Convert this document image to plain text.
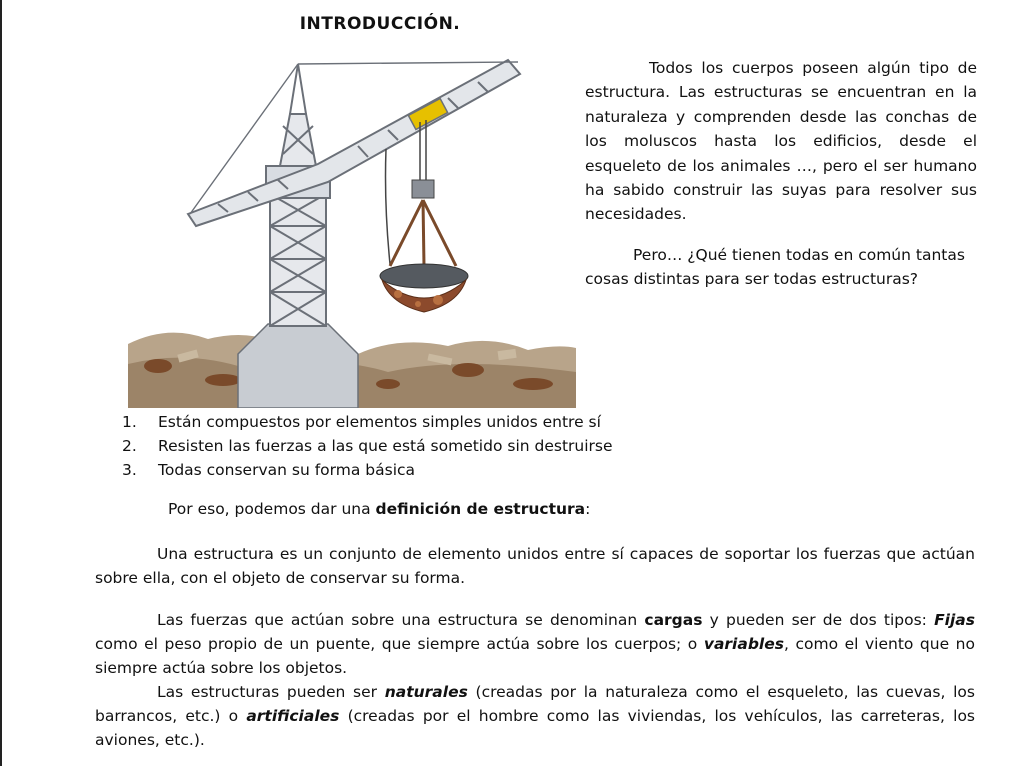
INTRODUCCIÓN.

Todos los cuerpos poseen algún tipo de estructura. Las estructuras se encuentran en la naturaleza y comprenden desde las conchas de los moluscos hasta los edificios, desde el esqueleto de los animales …, pero el ser humano ha sabido construir las suyas para resolver sus necesidades.

Pero… ¿Qué tienen todas en común tantas cosas distintas para ser todas estructuras?

1.	Están compuestos por elementos simples unidos entre sí
2.	Resisten las fuerzas a las que está sometido sin destruirse
3.	Todas conservan su forma básica
Por eso, podemos dar una definición de estructura:

Una estructura es un conjunto de elemento unidos entre sí capaces de soportar los fuerzas que actúan sobre ella, con el objeto de conservar su forma.

Las fuerzas que actúan sobre una estructura se denominan cargas y pueden ser de dos tipos: Fijas como el peso propio de un puente, que siempre actúa sobre los cuerpos; o variables, como el viento que no siempre actúa sobre los objetos.

Las estructuras pueden ser naturales (creadas por la naturaleza como el esqueleto, las cuevas, los barrancos, etc.) o artificiales (creadas por el hombre como las viviendas, los vehículos, las carreteras, los aviones, etc.).
